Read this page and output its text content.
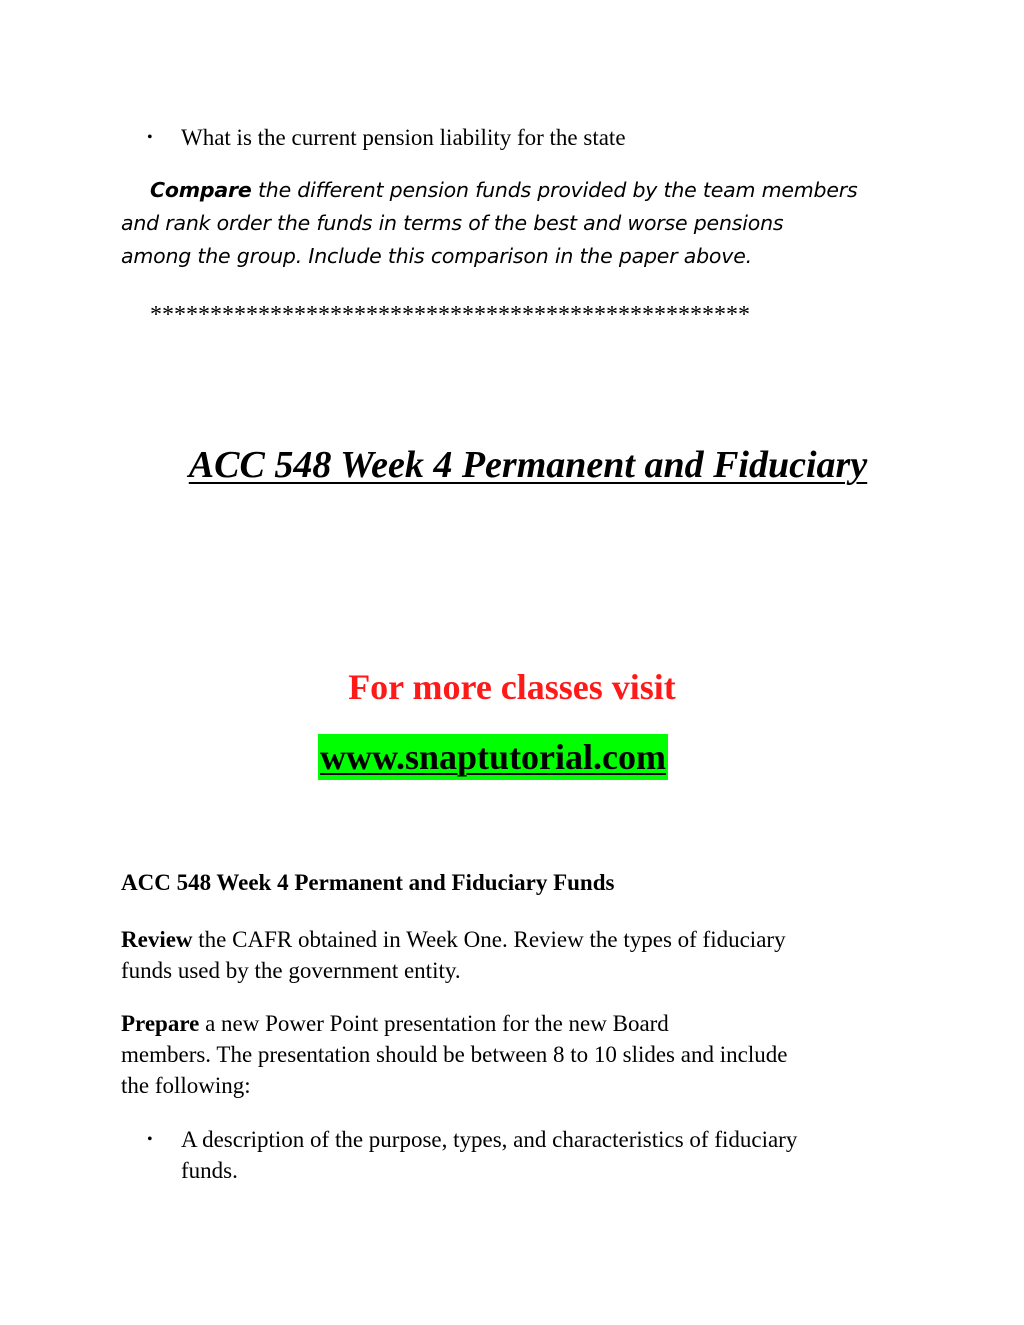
• What is the current pension liability for the state
Compare the different pension funds provided by the team members
and rank order the funds in terms of the best and worse pensions
among the group. Include this comparison in the paper above.
**************************************************
ACC 548 Week 4 Permanent and Fiduciary
For more classes visit
www.snaptutorial.com
ACC 548 Week 4 Permanent and Fiduciary Funds
Review the CAFR obtained in Week One. Review the types of fiduciary
funds used by the government entity.
Prepare a new Power Point presentation for the new Board
members. The presentation should be between 8 to 10 slides and include
the following:
• A description of the purpose, types, and characteristics of fiduciary
funds.
